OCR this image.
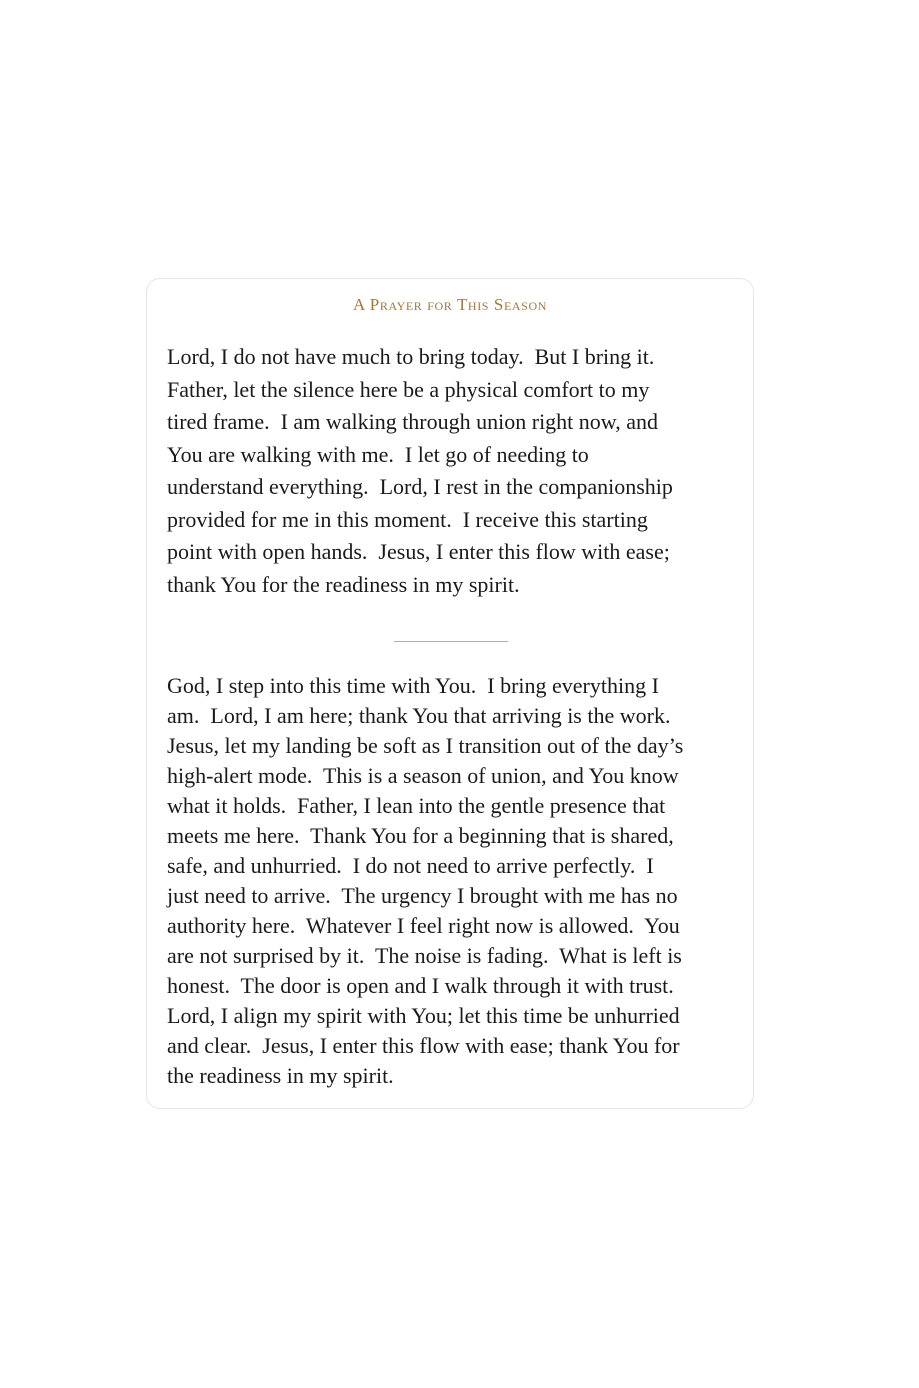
A Prayer for This Season

Lord, I do not have much to bring today.  But I bring it.
Father, let the silence here be a physical comfort to my
tired frame.  I am walking through union right now, and
You are walking with me.  I let go of needing to
understand everything.  Lord, I rest in the companionship
provided for me in this moment.  I receive this starting
point with open hands.  Jesus, I enter this flow with ease;
thank You for the readiness in my spirit.

God, I step into this time with You.  I bring everything I
am.  Lord, I am here; thank You that arriving is the work.
Jesus, let my landing be soft as I transition out of the day’s
high-alert mode.  This is a season of union, and You know
what it holds.  Father, I lean into the gentle presence that
meets me here.  Thank You for a beginning that is shared,
safe, and unhurried.  I do not need to arrive perfectly.  I
just need to arrive.  The urgency I brought with me has no
authority here.  Whatever I feel right now is allowed.  You
are not surprised by it.  The noise is fading.  What is left is
honest.  The door is open and I walk through it with trust.
Lord, I align my spirit with You; let this time be unhurried
and clear.  Jesus, I enter this flow with ease; thank You for
the readiness in my spirit.
